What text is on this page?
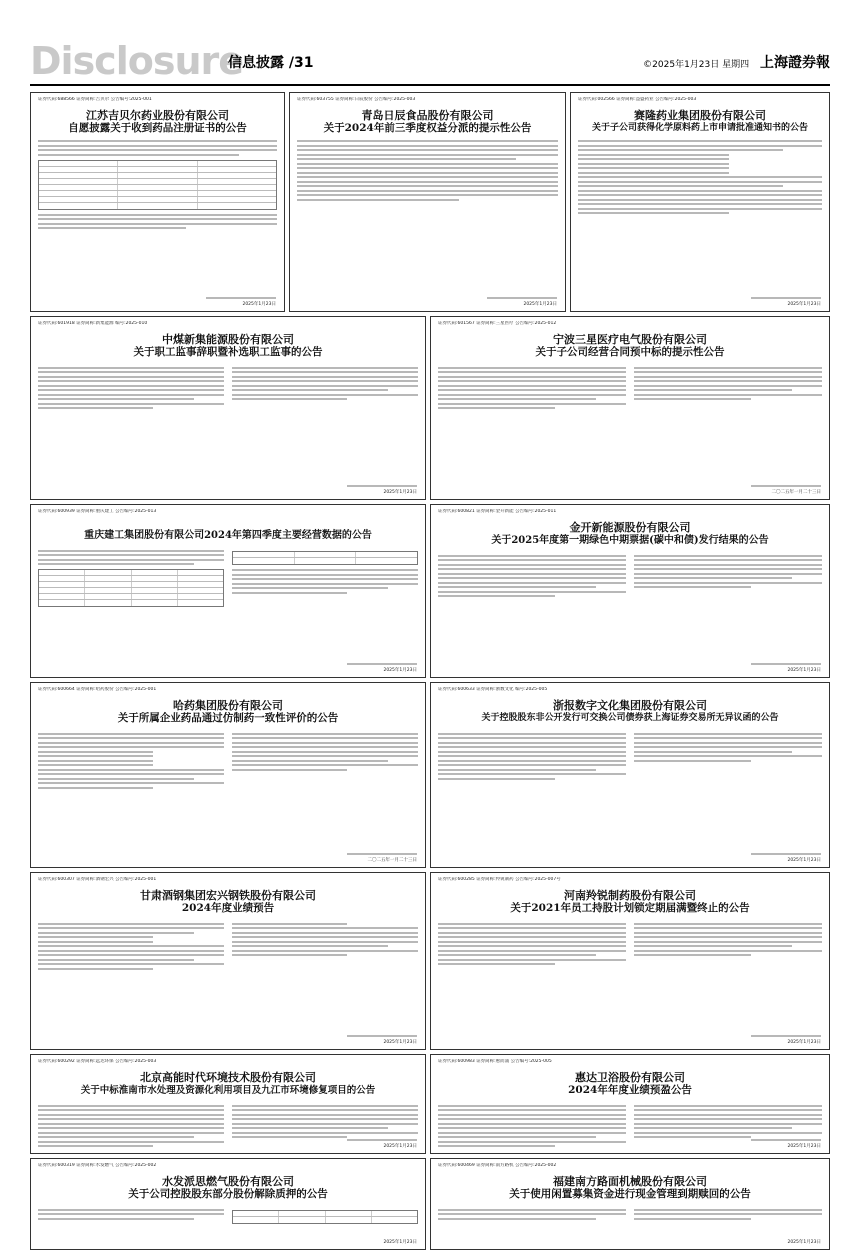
Disclosure
信息披露 /31	©2025年1月23日 星期四 上海證券報
证券代码:688566 证券简称:吉贝尔 公告编号:2025-001
江苏吉贝尔药业股份有限公司
自愿披露关于收到药品注册证书的公告
2025年1月23日
证券代码:603755 证券简称:日辰股份 公告编号:2025-003
青岛日辰食品股份有限公司
关于2024年前三季度权益分派的提示性公告
2025年1月23日
证券代码:002566 证券简称:益盛药业 公告编号:2025-003
赛隆药业集团股份有限公司
关于子公司获得化学原料药上市申请批准通知书的公告
2025年1月23日
证券代码:601918 证券简称:新集能源 编号:2025-010
中煤新集能源股份有限公司
关于职工监事辞职暨补选职工监事的公告
2025年1月23日
证券代码:601567 证券简称:三星医疗 公告编号:2025-012
宁波三星医疗电气股份有限公司
关于子公司经营合同预中标的提示性公告
二〇二五年一月二十三日
证券代码:600939 证券简称:重庆建工 公告编号:2025-013
重庆建工集团股份有限公司2024年第四季度主要经营数据的公告
2025年1月23日
证券代码:600821 证券简称:金开新能 公告编号:2025-011
金开新能源股份有限公司
关于2025年度第一期绿色中期票据(碳中和债)发行结果的公告
2025年1月23日
证券代码:600664 证券简称:哈药股份 公告编号:2025-001
哈药集团股份有限公司
关于所属企业药品通过仿制药一致性评价的公告
二〇二五年一月二十三日
证券代码:600633 证券简称:浙数文化 编号:2025-005
浙报数字文化集团股份有限公司
关于控股股东非公开发行可交换公司债券获上海证券交易所无异议函的公告
2025年1月23日
证券代码:600307 证券简称:酒钢宏兴 公告编号:2025-001
甘肃酒钢集团宏兴钢铁股份有限公司
2024年度业绩预告
2025年1月23日
证券代码:600285 证券简称:羚锐制药 公告编号:2025-007号
河南羚锐制药股份有限公司
关于2021年员工持股计划锁定期届满暨终止的公告
2025年1月23日
证券代码:600292 证券简称:远达环保 公告编号:2025-003
北京高能时代环境技术股份有限公司
关于中标淮南市水处理及资源化利用项目及九江市环境修复项目的公告
2025年1月23日
证券代码:600983 证券简称:惠而浦 公告编号:2025-005
惠达卫浴股份有限公司
2024年年度业绩预盈公告
2025年1月23日
证券代码:600319 证券简称:水发燃气 公告编号:2025-002
水发派思燃气股份有限公司
关于公司控股股东部分股份解除质押的公告
2025年1月23日
证券代码:600469 证券简称:南方路机 公告编号:2025-002
福建南方路面机械股份有限公司
关于使用闲置募集资金进行现金管理到期赎回的公告
2025年1月23日
